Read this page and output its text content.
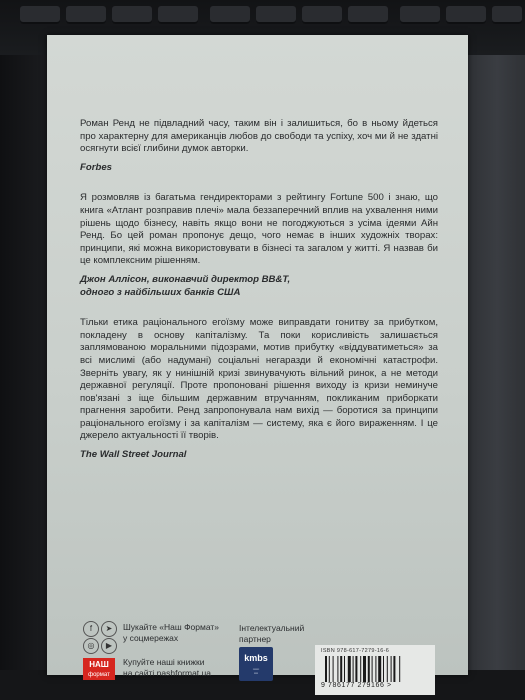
Роман Ренд не підвладний часу, таким він і залишиться, бо в ньому йдеться про характерну для американців любов до свободи та успіху, хоч ми й не здатні осягнути всієї глибини думок авторки.

Forbes

Я розмовляв із багатьма гендиректорами з рейтингу Fortune 500 і знаю, що книга «Атлант розправив плечі» мала беззаперечний вплив на ухвалення ними рішень щодо бізнесу, навіть якщо вони не погоджуються з усіма ідеями Айн Ренд. Бо цей роман пропонує дещо, чого немає в інших художніх творах: принципи, які можна використовувати в бізнесі та загалом у житті. Я назвав би це комплексним рішенням.

Джон Аллісон, виконавчий директор BB&T,
одного з найбільших банків США

Тільки етика раціонального егоїзму може виправдати гонитву за прибутком, покладену в основу капіталізму. Та поки корисливість залишається заплямованою моральними підозрами, мотив прибутку «віддуватиметься» за всі мислимі (або надумані) соціальні негаразди й економічні катастрофи. Зверніть увагу, як у нинішній кризі звинувачують вільний ринок, а не методи державної регуляції. Проте пропоновані рішення виходу із кризи неминуче пов'язані з іще більшим державним втручанням, покликаним приборкати прагнення заробити. Ренд запропонувала нам вихід — боротися за принципи раціонального егоїзму і за капіталізм — систему, яка є його вираженням. І це джерело актуальності її творів.

The Wall Street Journal

f	➤
◎	▶
Шукайте «Наш Формат»
у соцмережах
НАШ
формат
Купуйте наші книжки
на сайті nashformat.ua
Інтелектуальний
партнер
kmbs
▪▪▪▪▪▪
▪▪▪▪
ISBN 978-617-7279-16-6
9 786177 279166 >
